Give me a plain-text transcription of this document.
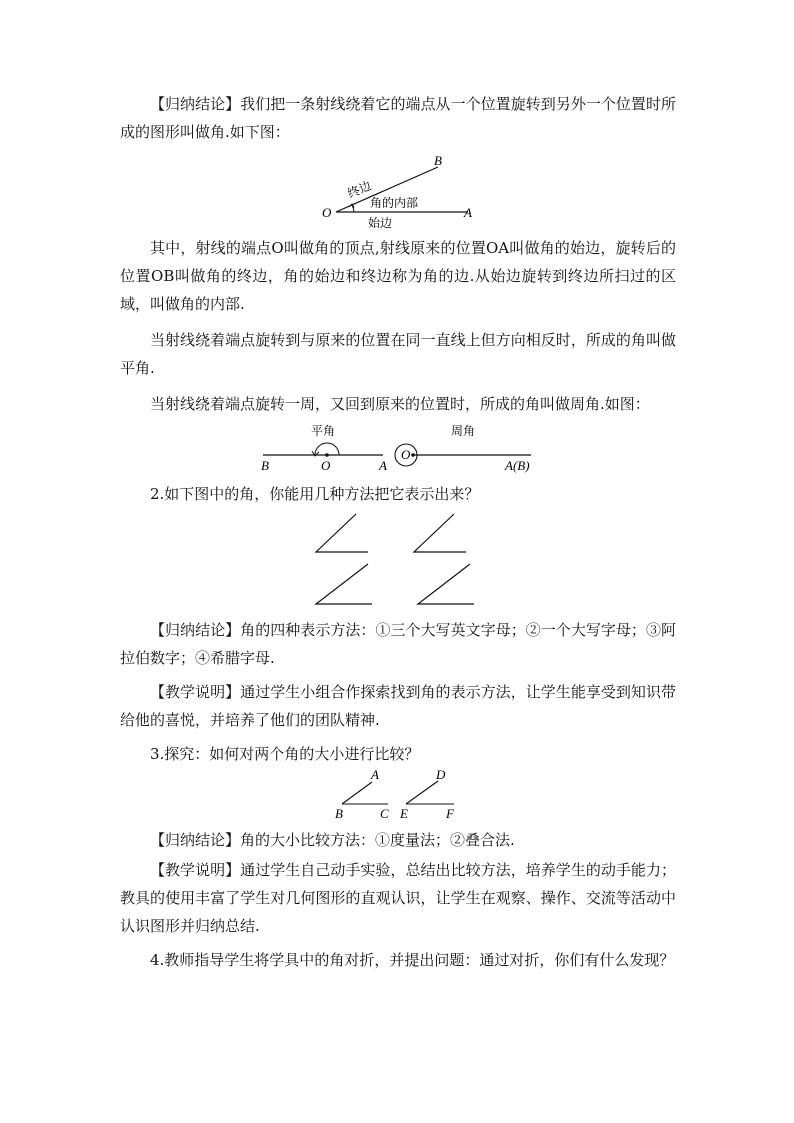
【归纳结论】我们把一条射线绕着它的端点从一个位置旋转到另外一个位置时所成的图形叫做角.如下图：

O	A
B
终边
角的内部
始边

其中，射线的端点O叫做角的顶点,射线原来的位置OA叫做角的始边，旋转后的位置OB叫做角的终边，角的始边和终边称为角的边.从始边旋转到终边所扫过的区域，叫做角的内部.

当射线绕着端点旋转到与原来的位置在同一直线上但方向相反时，所成的角叫做平角.

当射线绕着端点旋转一周，又回到原来的位置时，所成的角叫做周角.如图：

平角
B	O	A
周角
O
A(B)

2.如下图中的角，你能用几种方法把它表示出来？

【归纳结论】角的四种表示方法：①三个大写英文字母；②一个大写字母；③阿拉伯数字；④希腊字母.

【教学说明】通过学生小组合作探索找到角的表示方法，让学生能享受到知识带给他的喜悦，并培养了他们的团队精神.

3.探究：如何对两个角的大小进行比较？

A
B	C
D
E	F

【归纳结论】角的大小比较方法：①度量法；②叠合法.

【教学说明】通过学生自己动手实验，总结出比较方法，培养学生的动手能力；教具的使用丰富了学生对几何图形的直观认识，让学生在观察、操作、交流等活动中认识图形并归纳总结.

4.教师指导学生将学具中的角对折，并提出问题：通过对折，你们有什么发现？
